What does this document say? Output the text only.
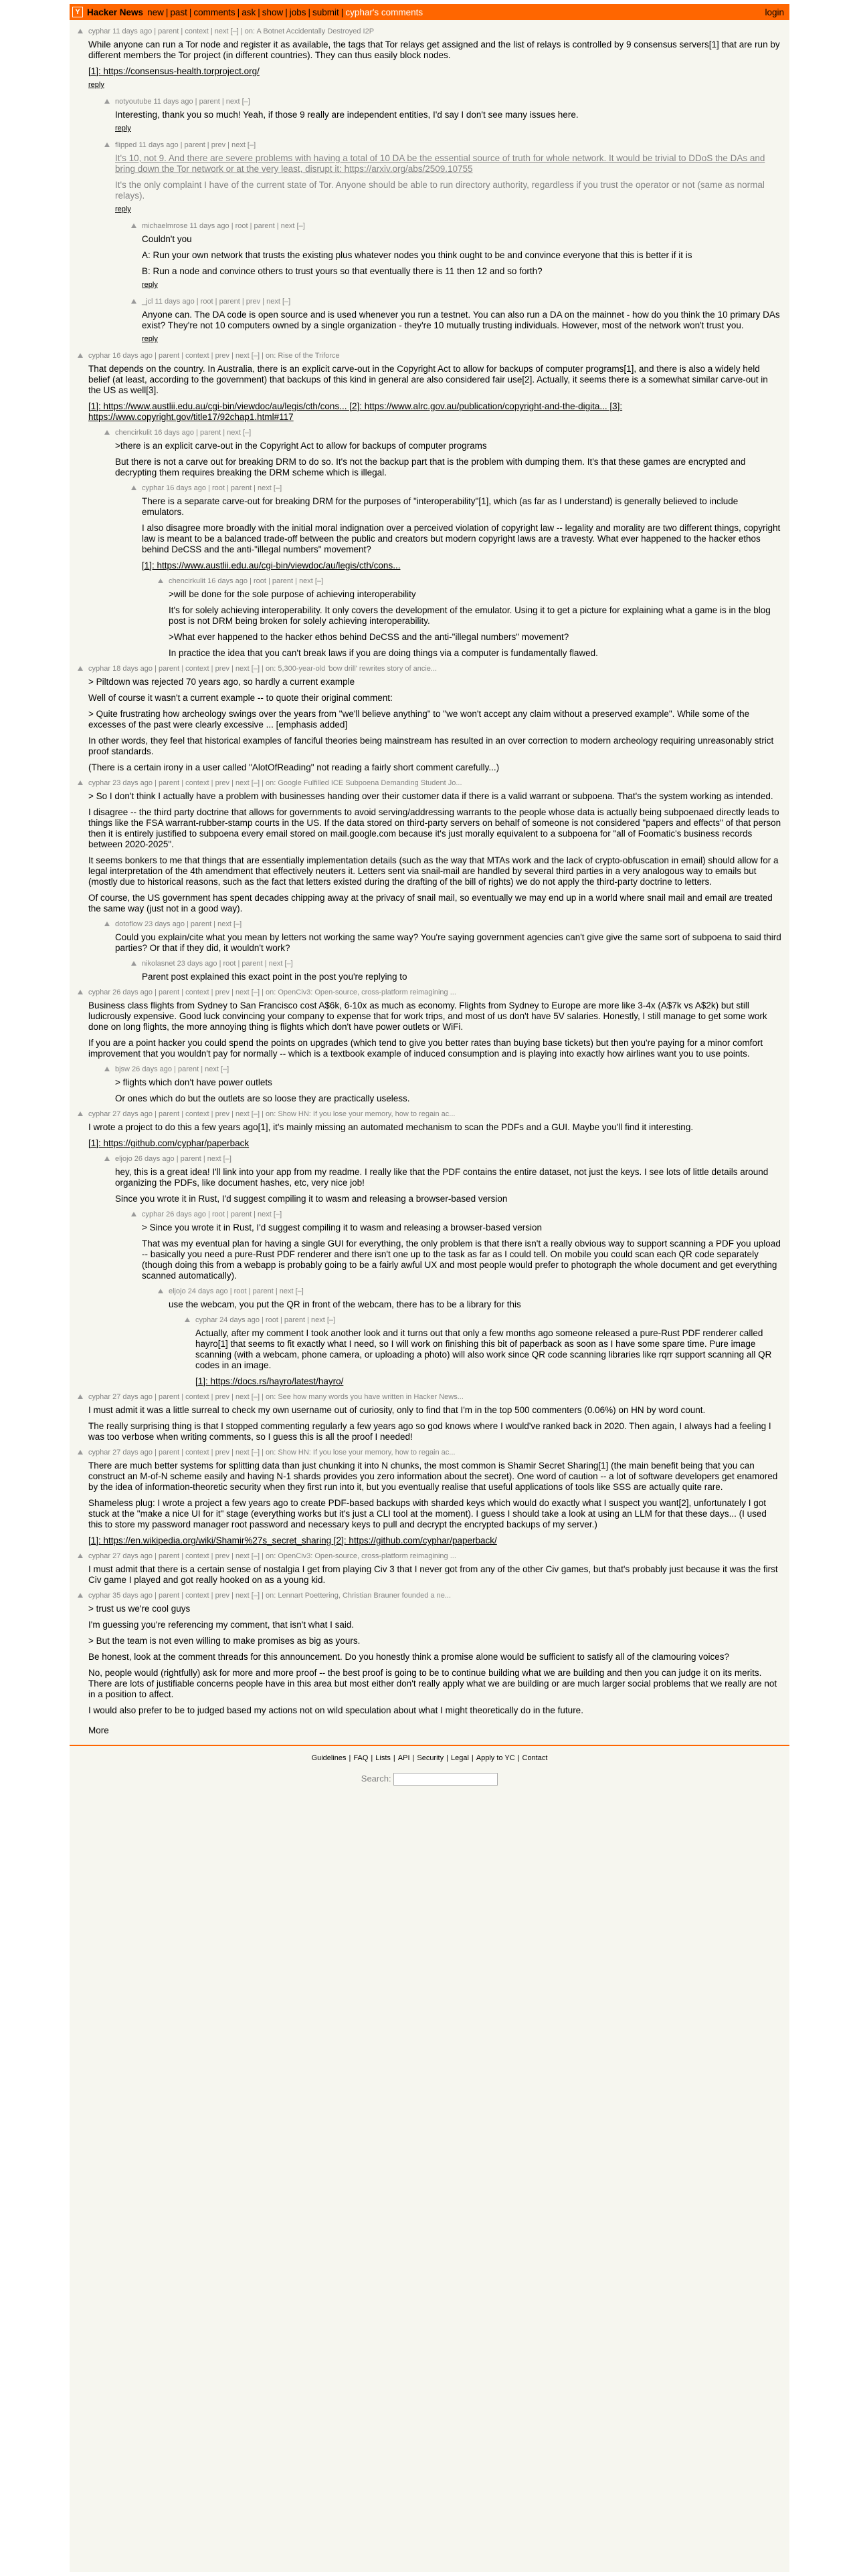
Y Hacker News new | past | comments | ask | show | jobs | submit | cyphar's comments	login
cyphar 11 days ago | parent | context | next [–] | on: A Botnet Accidentally Destroyed I2P

While anyone can run a Tor node and register it as available, the tags that Tor relays get assigned and the list of relays is controlled by 9 consensus servers[1] that are run by different members the Tor project (in different countries). They can thus easily block nodes.

[1]: https://consensus-health.torproject.org/

reply
notyoutube 11 days ago | parent | next [–]

Interesting, thank you so much! Yeah, if those 9 really are independent entities, I'd say I don't see many issues here.

reply
flipped 11 days ago | parent | prev | next [–]

It's 10, not 9. And there are severe problems with having a total of 10 DA be the essential source of truth for whole network. It would be trivial to DDoS the DAs and bring down the Tor network or at the very least, disrupt it: https://arxiv.org/abs/2509.10755

It's the only complaint I have of the current state of Tor. Anyone should be able to run directory authority, regardless if you trust the operator or not (same as normal relays).

reply
michaelmrose 11 days ago | root | parent | next [–]

Couldn't you

A: Run your own network that trusts the existing plus whatever nodes you think ought to be and convince everyone that this is better if it is

B: Run a node and convince others to trust yours so that eventually there is 11 then 12 and so forth?

reply
_jcl 11 days ago | root | parent | prev | next [–]

Anyone can. The DA code is open source and is used whenever you run a testnet. You can also run a DA on the mainnet - how do you think the 10 primary DAs exist? They're not 10 computers owned by a single organization - they're 10 mutually trusting individuals. However, most of the network won't trust you.

reply
cyphar 16 days ago | parent | context | prev | next [–] | on: Rise of the Triforce

That depends on the country. In Australia, there is an explicit carve-out in the Copyright Act to allow for backups of computer programs[1], and there is also a widely held belief (at least, according to the government) that backups of this kind in general are also considered fair use[2]. Actually, it seems there is a somewhat similar carve-out in the US as well[3].

[1]: https://www.austlii.edu.au/cgi-bin/viewdoc/au/legis/cth/cons... [2]: https://www.alrc.gov.au/publication/copyright-and-the-digita... [3]: https://www.copyright.gov/title17/92chap1.html#117

chencirkulit 16 days ago | parent | next [–]

>there is an explicit carve-out in the Copyright Act to allow for backups of computer programs

But there is not a carve out for breaking DRM to do so. It's not the backup part that is the problem with dumping them. It's that these games are encrypted and decrypting them requires breaking the DRM scheme which is illegal.

cyphar 16 days ago | root | parent | next [–]

There is a separate carve-out for breaking DRM for the purposes of "interoperability"[1], which (as far as I understand) is generally believed to include emulators.

I also disagree more broadly with the initial moral indignation over a perceived violation of copyright law -- legality and morality are two different things, copyright law is meant to be a balanced trade-off between the public and creators but modern copyright laws are a travesty. What ever happened to the hacker ethos behind DeCSS and the anti-"illegal numbers" movement?

[1]: https://www.austlii.edu.au/cgi-bin/viewdoc/au/legis/cth/cons...

chencirkulit 16 days ago | root | parent | next [–]

>will be done for the sole purpose of achieving interoperability

It's for solely achieving interoperability. It only covers the development of the emulator. Using it to get a picture for explaining what a game is in the blog post is not DRM being broken for solely achieving interoperability.

>What ever happened to the hacker ethos behind DeCSS and the anti-"illegal numbers" movement?

In practice the idea that you can't break laws if you are doing things via a computer is fundamentally flawed.

cyphar 18 days ago | parent | context | prev | next [–] | on: 5,300-year-old 'bow drill' rewrites story of ancie...

> Piltdown was rejected 70 years ago, so hardly a current example

Well of course it wasn't a current example -- to quote their original comment:

> Quite frustrating how archeology swings over the years from "we'll believe anything" to "we won't accept any claim without a preserved example". While some of the excesses of the past were clearly excessive ... [emphasis added]

In other words, they feel that historical examples of fanciful theories being mainstream has resulted in an over correction to modern archeology requiring unreasonably strict proof standards.

(There is a certain irony in a user called "AlotOfReading" not reading a fairly short comment carefully...)

cyphar 23 days ago | parent | context | prev | next [–] | on: Google Fulfilled ICE Subpoena Demanding Student Jo...

> So I don't think I actually have a problem with businesses handing over their customer data if there is a valid warrant or subpoena. That's the system working as intended.

I disagree -- the third party doctrine that allows for governments to avoid serving/addressing warrants to the people whose data is actually being subpoenaed directly leads to things like the FSA warrant-rubber-stamp courts in the US. If the data stored on third-party servers on behalf of someone is not considered "papers and effects" of that person then it is entirely justified to subpoena every email stored on mail.google.com because it's just morally equivalent to a subpoena for "all of Foomatic's business records between 2020-2025".

It seems bonkers to me that things that are essentially implementation details (such as the way that MTAs work and the lack of crypto-obfuscation in email) should allow for a legal interpretation of the 4th amendment that effectively neuters it. Letters sent via snail-mail are handled by several third parties in a very analogous way to emails but (mostly due to historical reasons, such as the fact that letters existed during the drafting of the bill of rights) we do not apply the third-party doctrine to letters.

Of course, the US government has spent decades chipping away at the privacy of snail mail, so eventually we may end up in a world where snail mail and email are treated the same way (just not in a good way).

dotoflow 23 days ago | parent | next [–]

Could you explain/cite what you mean by letters not working the same way? You're saying government agencies can't give give the same sort of subpoena to said third parties? Or that if they did, it wouldn't work?

nikolasnet 23 days ago | root | parent | next [–]

Parent post explained this exact point in the post you're replying to

cyphar 26 days ago | parent | context | prev | next [–] | on: OpenCiv3: Open-source, cross-platform reimagining ...

Business class flights from Sydney to San Francisco cost A$6k, 6-10x as much as economy. Flights from Sydney to Europe are more like 3-4x (A$7k vs A$2k) but still ludicrously expensive. Good luck convincing your company to expense that for work trips, and most of us don't have 5V salaries. Honestly, I still manage to get some work done on long flights, the more annoying thing is flights which don't have power outlets or WiFi.

If you are a point hacker you could spend the points on upgrades (which tend to give you better rates than buying base tickets) but then you're paying for a minor comfort improvement that you wouldn't pay for normally -- which is a textbook example of induced consumption and is playing into exactly how airlines want you to use points.

bjsw 26 days ago | parent | next [–]

> flights which don't have power outlets

Or ones which do but the outlets are so loose they are practically useless.

cyphar 27 days ago | parent | context | prev | next [–] | on: Show HN: If you lose your memory, how to regain ac...

I wrote a project to do this a few years ago[1], it's mainly missing an automated mechanism to scan the PDFs and a GUI. Maybe you'll find it interesting.

[1]: https://github.com/cyphar/paperback

eljojo 26 days ago | parent | next [–]

hey, this is a great idea! I'll link into your app from my readme. I really like that the PDF contains the entire dataset, not just the keys. I see lots of little details around organizing the PDFs, like document hashes, etc, very nice job!

Since you wrote it in Rust, I'd suggest compiling it to wasm and releasing a browser-based version

cyphar 26 days ago | root | parent | next [–]

> Since you wrote it in Rust, I'd suggest compiling it to wasm and releasing a browser-based version

That was my eventual plan for having a single GUI for everything, the only problem is that there isn't a really obvious way to support scanning a PDF you upload -- basically you need a pure-Rust PDF renderer and there isn't one up to the task as far as I could tell. On mobile you could scan each QR code separately (though doing this from a webapp is probably going to be a fairly awful UX and most people would prefer to photograph the whole document and get everything scanned automatically).

eljojo 24 days ago | root | parent | next [–]

use the webcam, you put the QR in front of the webcam, there has to be a library for this

cyphar 24 days ago | root | parent | next [–]

Actually, after my comment I took another look and it turns out that only a few months ago someone released a pure-Rust PDF renderer called hayro[1] that seems to fit exactly what I need, so I will work on finishing this bit of paperback as soon as I have some spare time. Pure image scanning (with a webcam, phone camera, or uploading a photo) will also work since QR code scanning libraries like rqrr support scanning all QR codes in an image.

[1]: https://docs.rs/hayro/latest/hayro/

cyphar 27 days ago | parent | context | prev | next [–] | on: See how many words you have written in Hacker News...

I must admit it was a little surreal to check my own username out of curiosity, only to find that I'm in the top 500 commenters (0.06%) on HN by word count.

The really surprising thing is that I stopped commenting regularly a few years ago so god knows where I would've ranked back in 2020. Then again, I always had a feeling I was too verbose when writing comments, so I guess this is all the proof I needed!

cyphar 27 days ago | parent | context | prev | next [–] | on: Show HN: If you lose your memory, how to regain ac...

There are much better systems for splitting data than just chunking it into N chunks, the most common is Shamir Secret Sharing[1] (the main benefit being that you can construct an M-of-N scheme easily and having N-1 shards provides you zero information about the secret). One word of caution -- a lot of software developers get enamored by the idea of information-theoretic security when they first run into it, but you eventually realise that useful applications of tools like SSS are actually quite rare.

Shameless plug: I wrote a project a few years ago to create PDF-based backups with sharded keys which would do exactly what I suspect you want[2], unfortunately I got stuck at the "make a nice UI for it" stage (everything works but it's just a CLI tool at the moment). I guess I should take a look at using an LLM for that these days... (I used this to store my password manager root password and necessary keys to pull and decrypt the encrypted backups of my server.)

[1]: https://en.wikipedia.org/wiki/Shamir%27s_secret_sharing [2]: https://github.com/cyphar/paperback/

cyphar 27 days ago | parent | context | prev | next [–] | on: OpenCiv3: Open-source, cross-platform reimagining ...

I must admit that there is a certain sense of nostalgia I get from playing Civ 3 that I never got from any of the other Civ games, but that's probably just because it was the first Civ game I played and got really hooked on as a young kid.

cyphar 35 days ago | parent | context | prev | next [–] | on: Lennart Poettering, Christian Brauner founded a ne...

> trust us we're cool guys

I'm guessing you're referencing my comment, that isn't what I said.

> But the team is not even willing to make promises as big as yours.

Be honest, look at the comment threads for this announcement. Do you honestly think a promise alone would be sufficient to satisfy all of the clamouring voices?

No, people would (rightfully) ask for more and more proof -- the best proof is going to be to continue building what we are building and then you can judge it on its merits. There are lots of justifiable concerns people have in this area but most either don't really apply what we are building or are much larger social problems that we really are not in a position to affect.

I would also prefer to be to judged based my actions not on wild speculation about what I might theoretically do in the future.

More
Guidelines | FAQ | Lists | API | Security | Legal | Apply to YC | Contact
Search:
